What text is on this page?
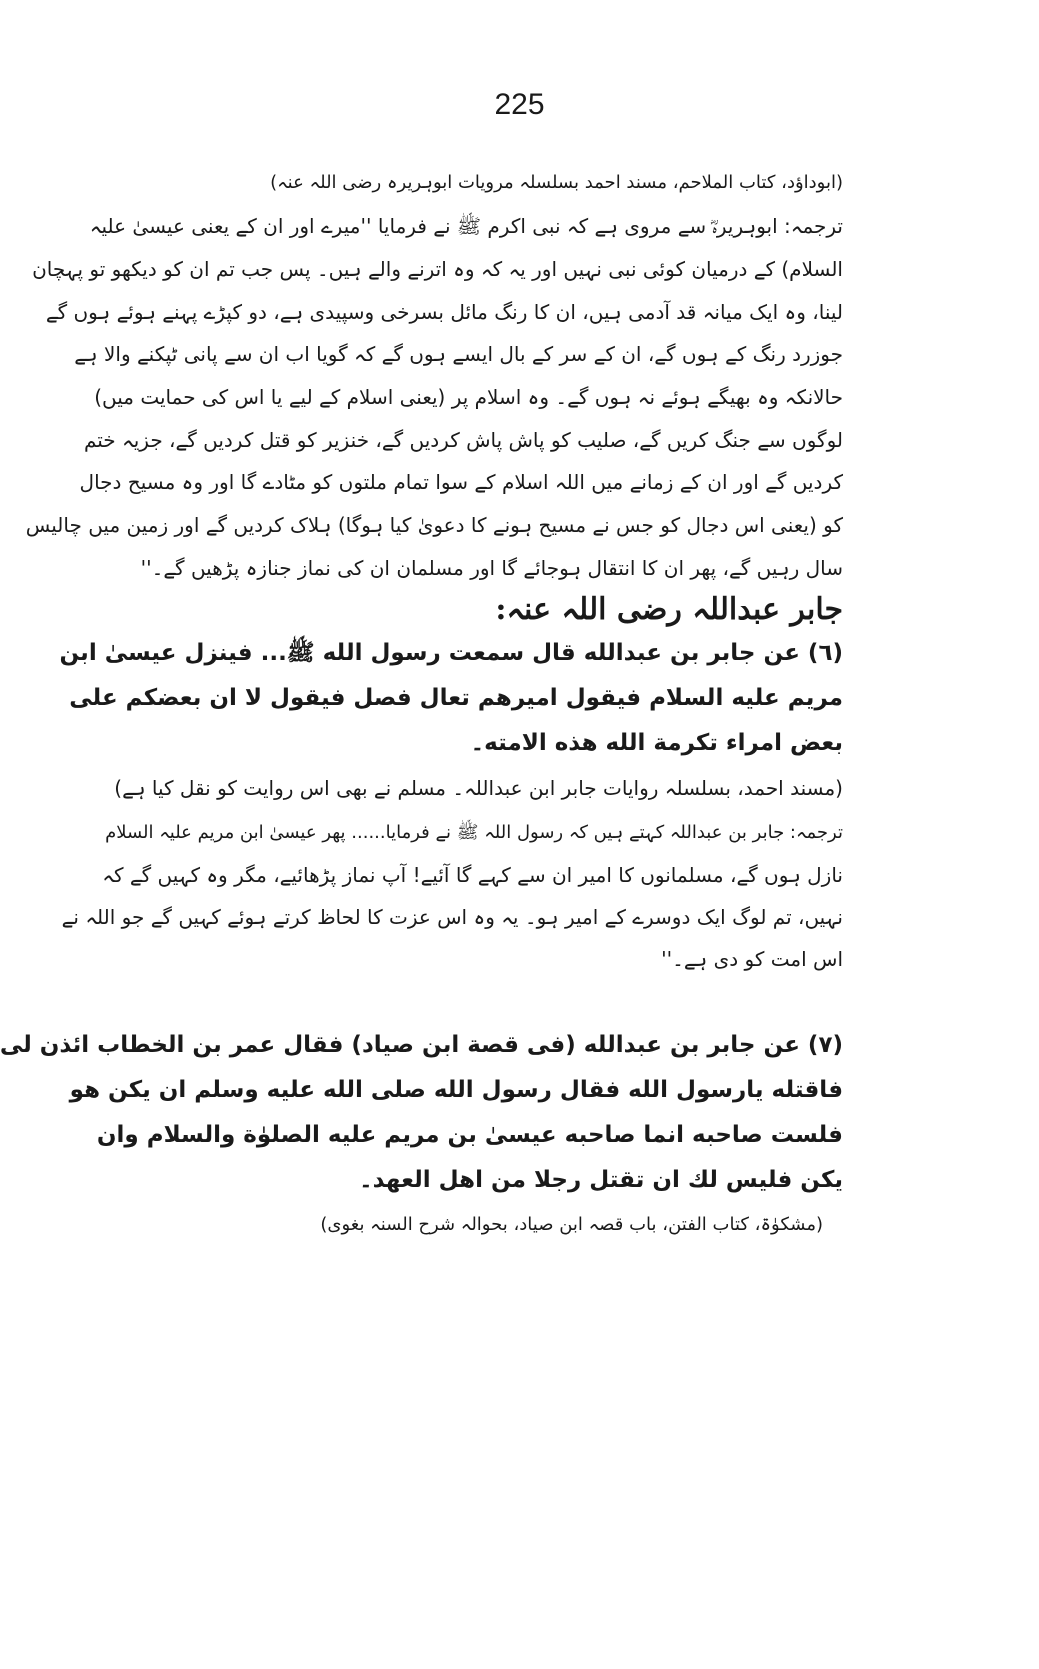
225
(ابوداؤد، کتاب الملاحم، مسند احمد بسلسلہ مرویات ابوہریرہ رضی اللہ عنہ)
ترجمہ: ابوہریرہؓ سے مروی ہے کہ نبی اکرم ﷺ نے فرمایا ''میرے اور ان کے یعنی عیسیٰ علیہ
السلام) کے درمیان کوئی نبی نہیں اور یہ کہ وہ اترنے والے ہیں۔ پس جب تم ان کو دیکھو تو پہچان
لینا، وہ ایک میانہ قد آدمی ہیں، ان کا رنگ مائل بسرخی وسپیدی ہے، دو کپڑے پہنے ہوئے ہوں گے
جوزرد رنگ کے ہوں گے، ان کے سر کے بال ایسے ہوں گے کہ گویا اب ان سے پانی ٹپکنے والا ہے
حالانکہ وہ بھیگے ہوئے نہ ہوں گے۔ وہ اسلام پر (یعنی اسلام کے لیے یا اس کی حمایت میں)
لوگوں سے جنگ کریں گے، صلیب کو پاش پاش کردیں گے، خنزیر کو قتل کردیں گے، جزیہ ختم
کردیں گے اور ان کے زمانے میں اللہ اسلام کے سوا تمام ملتوں کو مٹادے گا اور وہ مسیح دجال
کو (یعنی اس دجال کو جس نے مسیح ہونے کا دعویٰ کیا ہوگا) ہلاک کردیں گے اور زمین میں چالیس
سال رہیں گے، پھر ان کا انتقال ہوجائے گا اور مسلمان ان کی نماز جنازہ پڑھیں گے۔''
جابر عبداللہ رضی اللہ عنہ:
(٦) عن جابر بن عبدالله قال سمعت رسول الله ﷺ... فينزل عيسىٰ ابن
مريم عليه السلام فيقول اميرهم تعال فصل فيقول لا ان بعضكم على
بعض امراء تكرمة الله هذه الامته۔
(مسند احمد، بسلسلہ روایات جابر ابن عبداللہ۔ مسلم نے بھی اس روایت کو نقل کیا ہے)
ترجمہ: جابر بن عبداللہ کہتے ہیں کہ رسول اللہ ﷺ نے فرمایا...... پھر عیسیٰ ابن مریم علیہ السلام
نازل ہوں گے، مسلمانوں کا امیر ان سے کہے گا آئیے! آپ نماز پڑھائیے، مگر وہ کہیں گے کہ
نہیں، تم لوگ ایک دوسرے کے امیر ہو۔ یہ وہ اس عزت کا لحاظ کرتے ہوئے کہیں گے جو اللہ نے
اس امت کو دی ہے۔''
(٧) عن جابر بن عبدالله (فى قصة ابن صياد) فقال عمر بن الخطاب ائذن لى
فاقتله يارسول الله فقال رسول الله صلى الله عليه وسلم ان يكن هو
فلست صاحبه انما صاحبه عيسىٰ بن مريم عليه الصلوٰة والسلام وان
يكن فليس لك ان تقتل رجلا من اهل العهد۔
(مشکوٰۃ، کتاب الفتن، باب قصہ ابن صیاد، بحوالہ شرح السنہ بغوی)
